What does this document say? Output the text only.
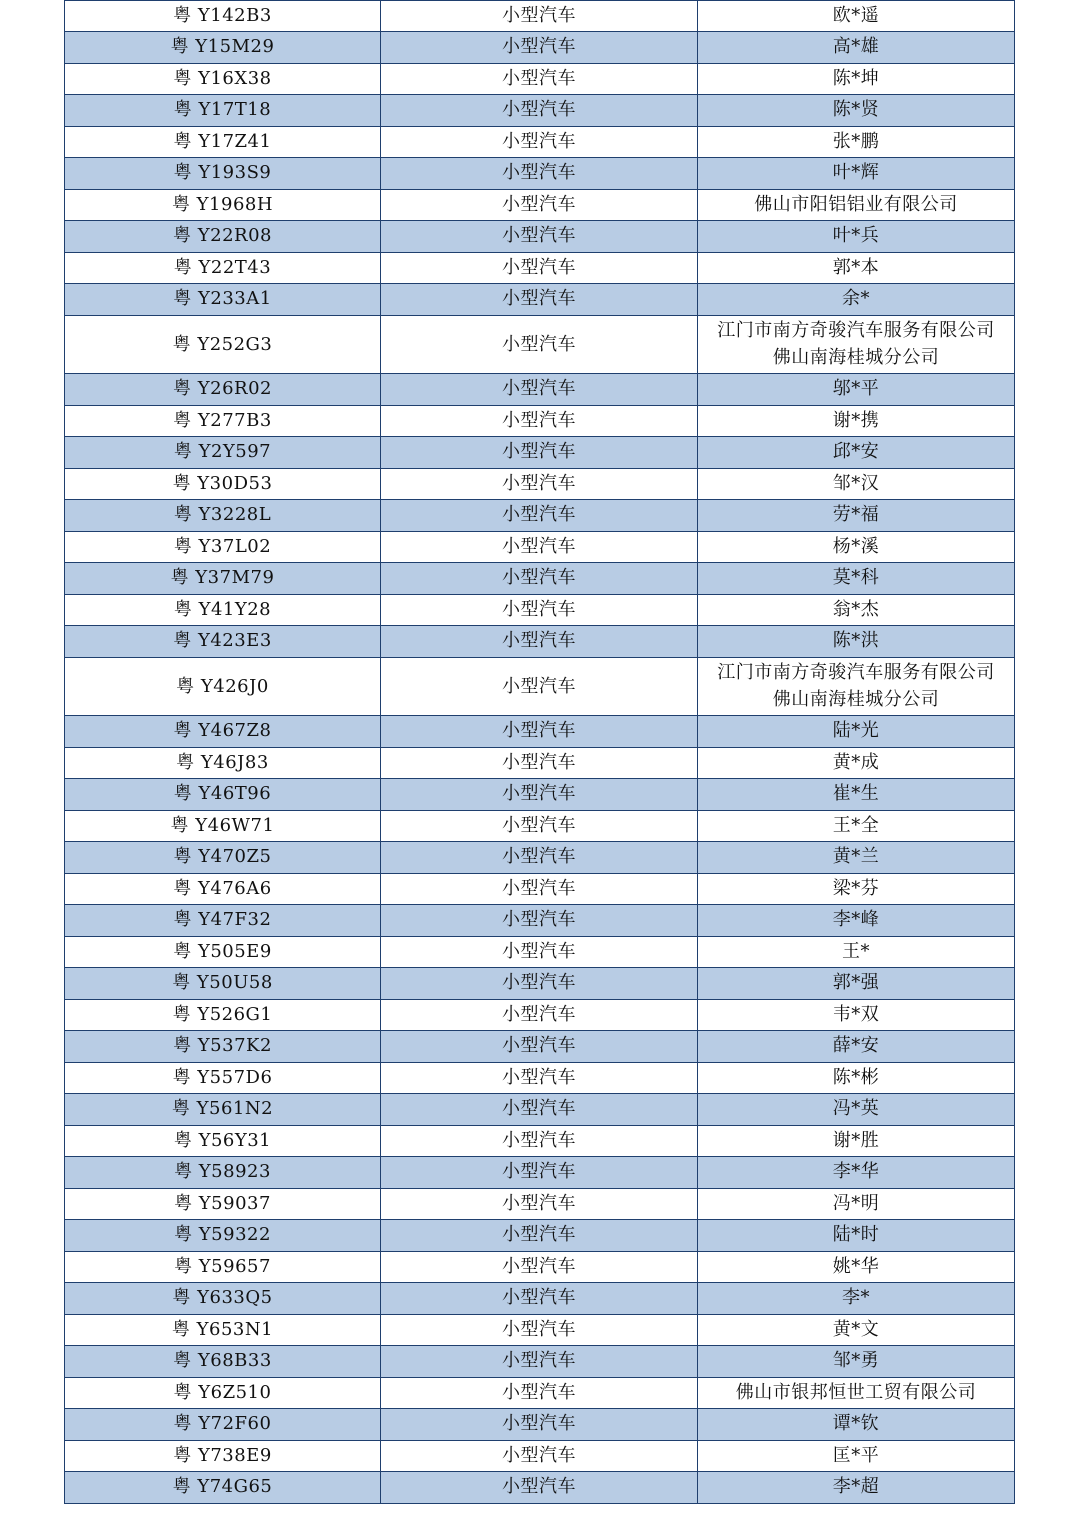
粤 Y142B3	小型汽车	欧*遥

粤 Y15M29	小型汽车	高*雄

粤 Y16X38	小型汽车	陈*坤

粤 Y17T18	小型汽车	陈*贤

粤 Y17Z41	小型汽车	张*鹏

粤 Y193S9	小型汽车	叶*辉

粤 Y1968H	小型汽车	佛山市阳铝铝业有限公司

粤 Y22R08	小型汽车	叶*兵

粤 Y22T43	小型汽车	郭*本

粤 Y233A1	小型汽车	余*

粤 Y252G3	小型汽车	江门市南方奇骏汽车服务有限公司
佛山南海桂城分公司

粤 Y26R02	小型汽车	邬*平

粤 Y277B3	小型汽车	谢*携

粤 Y2Y597	小型汽车	邱*安

粤 Y30D53	小型汽车	邹*汉

粤 Y3228L	小型汽车	劳*福

粤 Y37L02	小型汽车	杨*溪

粤 Y37M79	小型汽车	莫*科

粤 Y41Y28	小型汽车	翁*杰

粤 Y423E3	小型汽车	陈*洪

粤 Y426J0	小型汽车	江门市南方奇骏汽车服务有限公司
佛山南海桂城分公司

粤 Y467Z8	小型汽车	陆*光

粤 Y46J83	小型汽车	黄*成

粤 Y46T96	小型汽车	崔*生

粤 Y46W71	小型汽车	王*全

粤 Y470Z5	小型汽车	黄*兰

粤 Y476A6	小型汽车	梁*芬

粤 Y47F32	小型汽车	李*峰

粤 Y505E9	小型汽车	王*

粤 Y50U58	小型汽车	郭*强

粤 Y526G1	小型汽车	韦*双

粤 Y537K2	小型汽车	薛*安

粤 Y557D6	小型汽车	陈*彬

粤 Y561N2	小型汽车	冯*英

粤 Y56Y31	小型汽车	谢*胜

粤 Y58923	小型汽车	李*华

粤 Y59037	小型汽车	冯*明

粤 Y59322	小型汽车	陆*时

粤 Y59657	小型汽车	姚*华

粤 Y633Q5	小型汽车	李*

粤 Y653N1	小型汽车	黄*文

粤 Y68B33	小型汽车	邹*勇

粤 Y6Z510	小型汽车	佛山市银邦恒世工贸有限公司

粤 Y72F60	小型汽车	谭*钦

粤 Y738E9	小型汽车	匡*平

粤 Y74G65	小型汽车	李*超
